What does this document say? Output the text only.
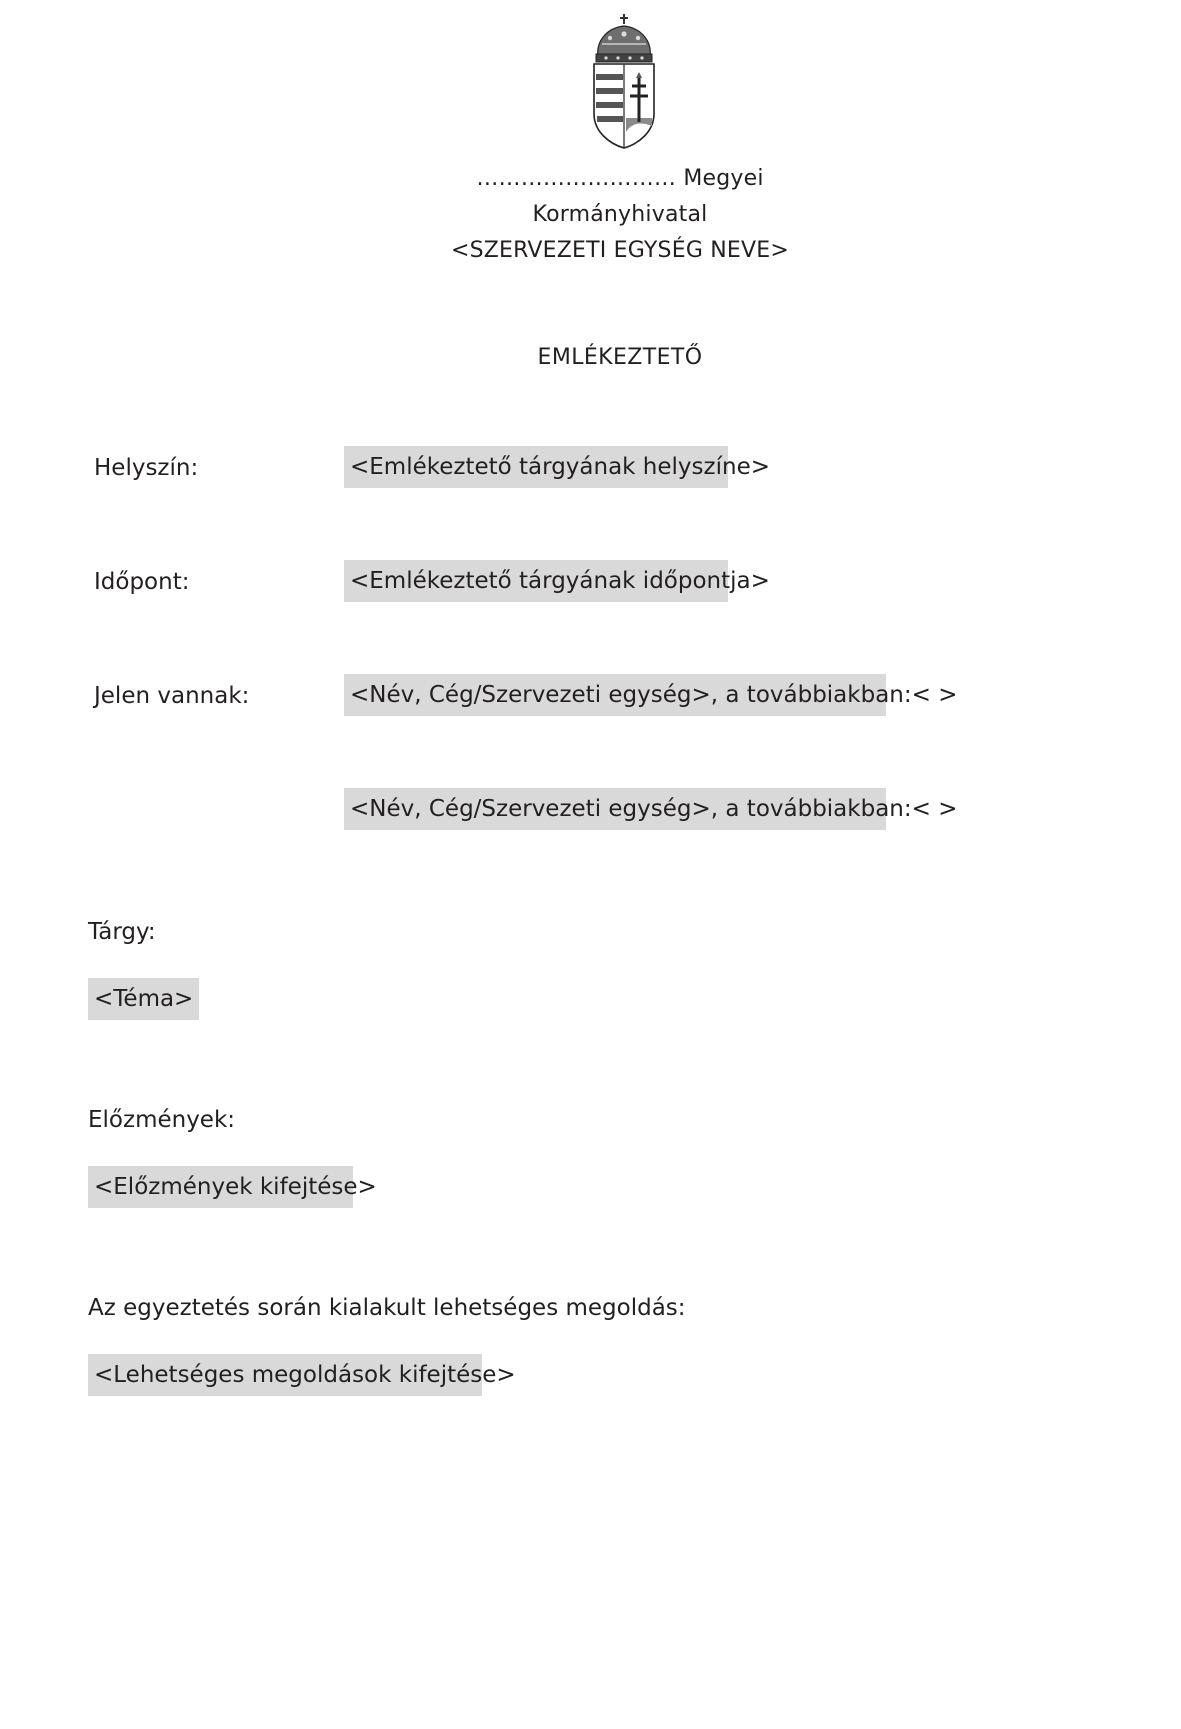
……………………… Megyei
Kormányhivatal
<SZERVEZETI EGYSÉG NEVE>
EMLÉKEZTETŐ
Helyszín:	<Emlékeztető tárgyának helyszíne>
Időpont:	<Emlékeztető tárgyának időpontja>
Jelen vannak:	<Név, Cég/Szervezeti egység>, a továbbiakban:< >
<Név, Cég/Szervezeti egység>, a továbbiakban:< >
Tárgy:
<Téma>
Előzmények:
<Előzmények kifejtése>
Az egyeztetés során kialakult lehetséges megoldás:
<Lehetséges megoldások kifejtése>
